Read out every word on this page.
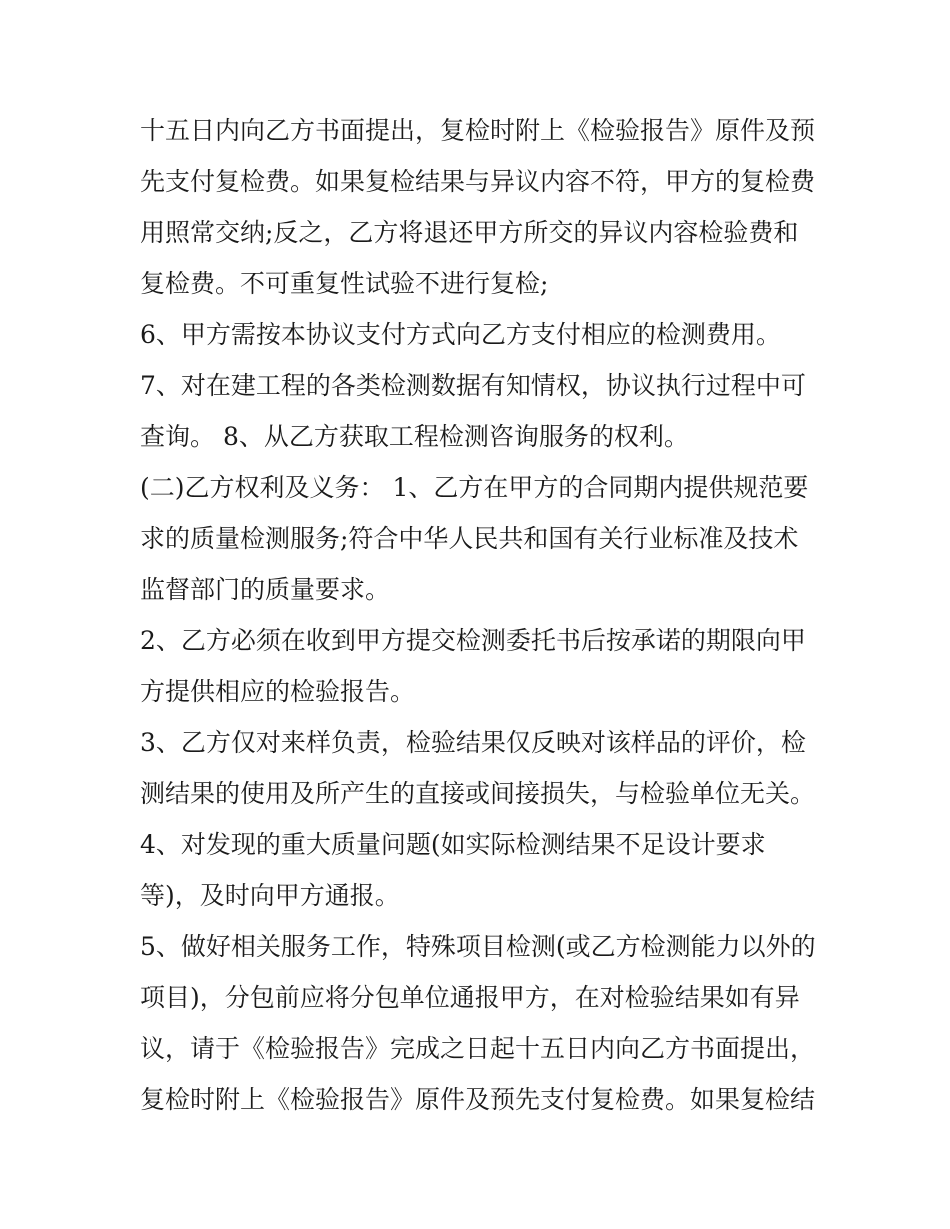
十五日内向乙方书面提出，复检时附上《检验报告》原件及预
先支付复检费。如果复检结果与异议内容不符，甲方的复检费
用照常交纳;反之，乙方将退还甲方所交的异议内容检验费和
复检费。不可重复性试验不进行复检;
6、甲方需按本协议支付方式向乙方支付相应的检测费用。
7、对在建工程的各类检测数据有知情权，协议执行过程中可
查询。 8、从乙方获取工程检测咨询服务的权利。
(二)乙方权利及义务： 1、乙方在甲方的合同期内提供规范要
求的质量检测服务;符合中华人民共和国有关行业标准及技术
监督部门的质量要求。
2、乙方必须在收到甲方提交检测委托书后按承诺的期限向甲
方提供相应的检验报告。
3、乙方仅对来样负责，检验结果仅反映对该样品的评价，检
测结果的使用及所产生的直接或间接损失，与检验单位无关。
4、对发现的重大质量问题(如实际检测结果不足设计要求
等)，及时向甲方通报。
5、做好相关服务工作，特殊项目检测(或乙方检测能力以外的
项目)，分包前应将分包单位通报甲方，在对检验结果如有异
议，请于《检验报告》完成之日起十五日内向乙方书面提出，
复检时附上《检验报告》原件及预先支付复检费。如果复检结
